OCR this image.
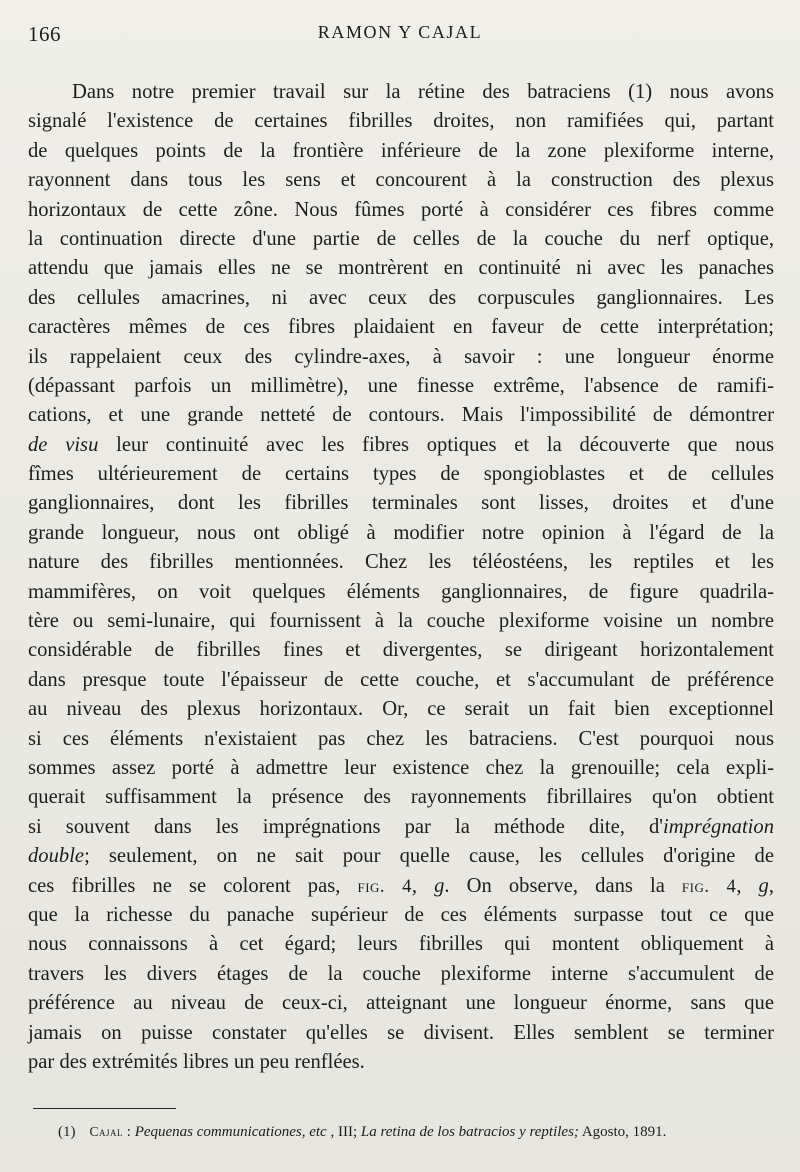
166	RAMON Y CAJAL
Dans notre premier travail sur la rétine des batraciens (1) nous avons
signalé l'existence de certaines fibrilles droites, non ramifiées qui, partant
de quelques points de la frontière inférieure de la zone plexiforme interne,
rayonnent dans tous les sens et concourent à la construction des plexus
horizontaux de cette zône. Nous fûmes porté à considérer ces fibres comme
la continuation directe d'une partie de celles de la couche du nerf optique,
attendu que jamais elles ne se montrèrent en continuité ni avec les panaches
des cellules amacrines, ni avec ceux des corpuscules ganglionnaires. Les
caractères mêmes de ces fibres plaidaient en faveur de cette interprétation;
ils rappelaient ceux des cylindre-axes, à savoir : une longueur énorme
(dépassant parfois un millimètre), une finesse extrême, l'absence de ramifi-
cations, et une grande netteté de contours. Mais l'impossibilité de démontrer
de visu leur continuité avec les fibres optiques et la découverte que nous
fîmes ultérieurement de certains types de spongioblastes et de cellules
ganglionnaires, dont les fibrilles terminales sont lisses, droites et d'une
grande longueur, nous ont obligé à modifier notre opinion à l'égard de la
nature des fibrilles mentionnées. Chez les téléostéens, les reptiles et les
mammifères, on voit quelques éléments ganglionnaires, de figure quadrila-
tère ou semi-lunaire, qui fournissent à la couche plexiforme voisine un nombre
considérable de fibrilles fines et divergentes, se dirigeant horizontalement
dans presque toute l'épaisseur de cette couche, et s'accumulant de préférence
au niveau des plexus horizontaux. Or, ce serait un fait bien exceptionnel
si ces éléments n'existaient pas chez les batraciens. C'est pourquoi nous
sommes assez porté à admettre leur existence chez la grenouille; cela expli-
querait suffisamment la présence des rayonnements fibrillaires qu'on obtient
si souvent dans les imprégnations par la méthode dite, d'imprégnation
double; seulement, on ne sait pour quelle cause, les cellules d'origine de
ces fibrilles ne se colorent pas, fig. 4, g. On observe, dans la fig. 4, g,
que la richesse du panache supérieur de ces éléments surpasse tout ce que
nous connaissons à cet égard; leurs fibrilles qui montent obliquement à
travers les divers étages de la couche plexiforme interne s'accumulent de
préférence au niveau de ceux-ci, atteignant une longueur énorme, sans que
jamais on puisse constater qu'elles se divisent. Elles semblent se terminer
par des extrémités libres un peu renflées.
(1) Cajal : Pequenas communicationes, etc , III; La retina de los batracios y reptiles; Agosto, 1891.
